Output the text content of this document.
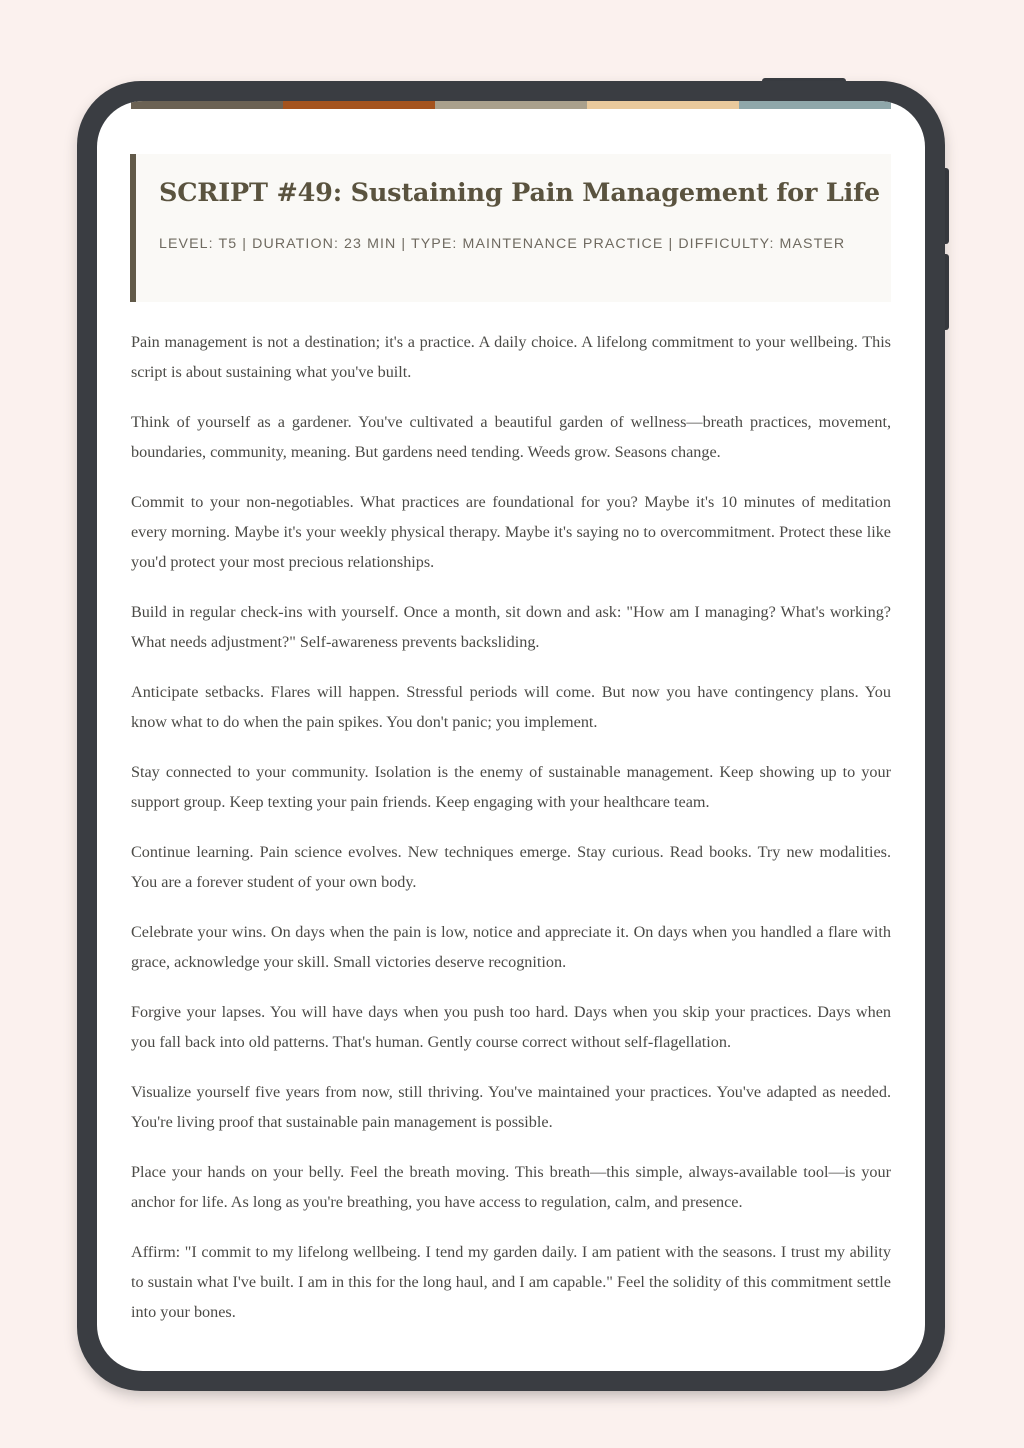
SCRIPT #49: Sustaining Pain Management for Life

LEVEL: T5 | DURATION: 23 MIN | TYPE: MAINTENANCE PRACTICE | DIFFICULTY: MASTER

Pain management is not a destination; it's a practice. A daily choice. A lifelong commitment to your wellbeing. This script is about sustaining what you've built.

Think of yourself as a gardener. You've cultivated a beautiful garden of wellness—breath practices, movement, boundaries, community, meaning. But gardens need tending. Weeds grow. Seasons change.

Commit to your non-negotiables. What practices are foundational for you? Maybe it's 10 minutes of meditation every morning. Maybe it's your weekly physical therapy. Maybe it's saying no to overcommitment. Protect these like you'd protect your most precious relationships.

Build in regular check-ins with yourself. Once a month, sit down and ask: "How am I managing? What's working? What needs adjustment?" Self-awareness prevents backsliding.

Anticipate setbacks. Flares will happen. Stressful periods will come. But now you have contingency plans. You know what to do when the pain spikes. You don't panic; you implement.

Stay connected to your community. Isolation is the enemy of sustainable management. Keep showing up to your support group. Keep texting your pain friends. Keep engaging with your healthcare team.

Continue learning. Pain science evolves. New techniques emerge. Stay curious. Read books. Try new modalities. You are a forever student of your own body.

Celebrate your wins. On days when the pain is low, notice and appreciate it. On days when you handled a flare with grace, acknowledge your skill. Small victories deserve recognition.

Forgive your lapses. You will have days when you push too hard. Days when you skip your practices. Days when you fall back into old patterns. That's human. Gently course correct without self-flagellation.

Visualize yourself five years from now, still thriving. You've maintained your practices. You've adapted as needed. You're living proof that sustainable pain management is possible.

Place your hands on your belly. Feel the breath moving. This breath—this simple, always-available tool—is your anchor for life. As long as you're breathing, you have access to regulation, calm, and presence.

Affirm: "I commit to my lifelong wellbeing. I tend my garden daily. I am patient with the seasons. I trust my ability to sustain what I've built. I am in this for the long haul, and I am capable." Feel the solidity of this commitment settle into your bones.
